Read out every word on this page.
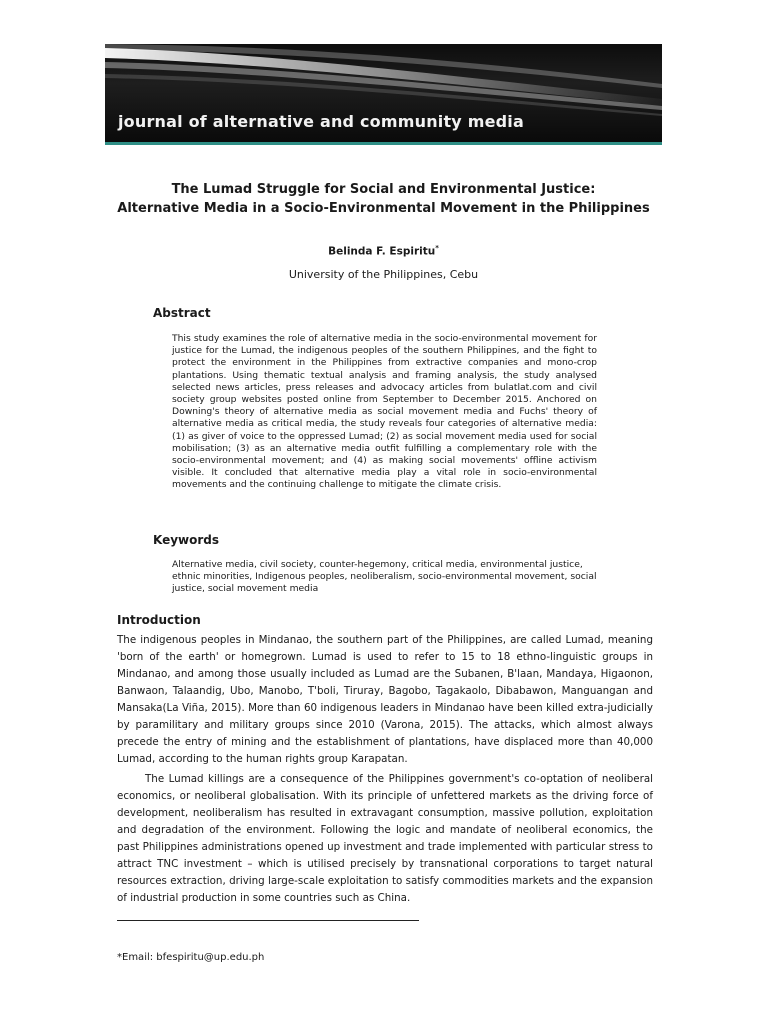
journal of alternative and community media
The Lumad Struggle for Social and Environmental Justice:
Alternative Media in a Socio-Environmental Movement in the Philippines
Belinda F. Espiritu*
University of the Philippines, Cebu
Abstract
This study examines the role of alternative media in the socio-environmental movement for justice for the Lumad, the indigenous peoples of the southern Philippines, and the fight to protect the environment in the Philippines from extractive companies and mono-crop plantations. Using thematic textual analysis and framing analysis, the study analysed selected news articles, press releases and advocacy articles from bulatlat.com and civil society group websites posted online from September to December 2015. Anchored on Downing's theory of alternative media as social movement media and Fuchs' theory of alternative media as critical media, the study reveals four categories of alternative media: (1) as giver of voice to the oppressed Lumad; (2) as social movement media used for social mobilisation; (3) as an alternative media outfit fulfilling a complementary role with the socio-environmental movement; and (4) as making social movements' offline activism visible. It concluded that alternative media play a vital role in socio-environmental movements and the continuing challenge to mitigate the climate crisis.
Keywords
Alternative media, civil society, counter-hegemony, critical media, environmental justice, ethnic minorities, Indigenous peoples, neoliberalism, socio-environmental movement, social justice, social movement media
Introduction
The indigenous peoples in Mindanao, the southern part of the Philippines, are called Lumad, meaning 'born of the earth' or homegrown. Lumad is used to refer to 15 to 18 ethno-linguistic groups in Mindanao, and among those usually included as Lumad are the Subanen, B'laan, Mandaya, Higaonon, Banwaon, Talaandig, Ubo, Manobo, T'boli, Tiruray, Bagobo, Tagakaolo, Dibabawon, Manguangan and Mansaka(La Viña, 2015). More than 60 indigenous leaders in Mindanao have been killed extra-judicially by paramilitary and military groups since 2010 (Varona, 2015). The attacks, which almost always precede the entry of mining and the establishment of plantations, have displaced more than 40,000 Lumad, according to the human rights group Karapatan.
The Lumad killings are a consequence of the Philippines government's co-optation of neoliberal economics, or neoliberal globalisation. With its principle of unfettered markets as the driving force of development, neoliberalism has resulted in extravagant consumption, massive pollution, exploitation and degradation of the environment. Following the logic and mandate of neoliberal economics, the past Philippines administrations opened up investment and trade implemented with particular stress to attract TNC investment – which is utilised precisely by transnational corporations to target natural resources extraction, driving large-scale exploitation to satisfy commodities markets and the expansion of industrial production in some countries such as China.
*Email: bfespiritu@up.edu.ph
